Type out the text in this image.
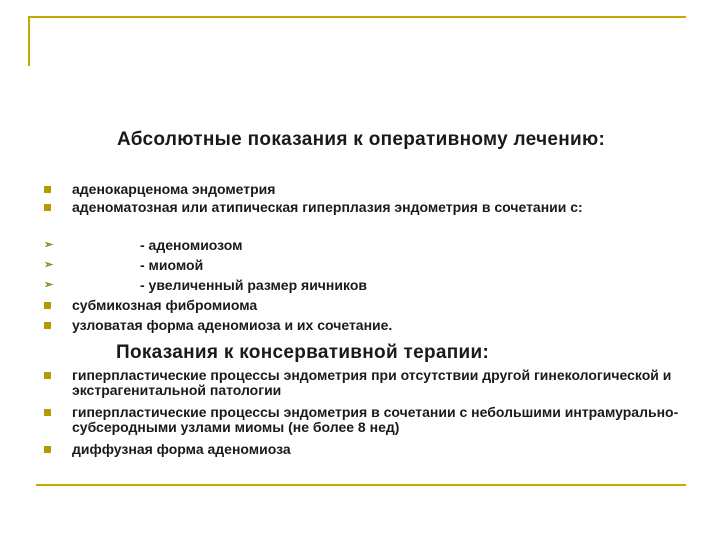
Абсолютные показания к оперативному лечению:
аденокарценома эндометрия
аденоматозная или атипическая гиперплазия эндометрия в сочетании с:
➢	- аденомиозом
➢	- миомой
➢	- увеличенный размер яичников
субмикозная фибромиома
узловатая форма аденомиоза и их сочетание.
Показания к консервативной терапии:
гиперпластические процессы эндометрия при отсутствии другой гинекологической и экстрагенитальной патологии
гиперпластические процессы эндометрия в сочетании с небольшими интрамурально-субсеродными узлами миомы (не более 8 нед)
диффузная форма аденомиоза
